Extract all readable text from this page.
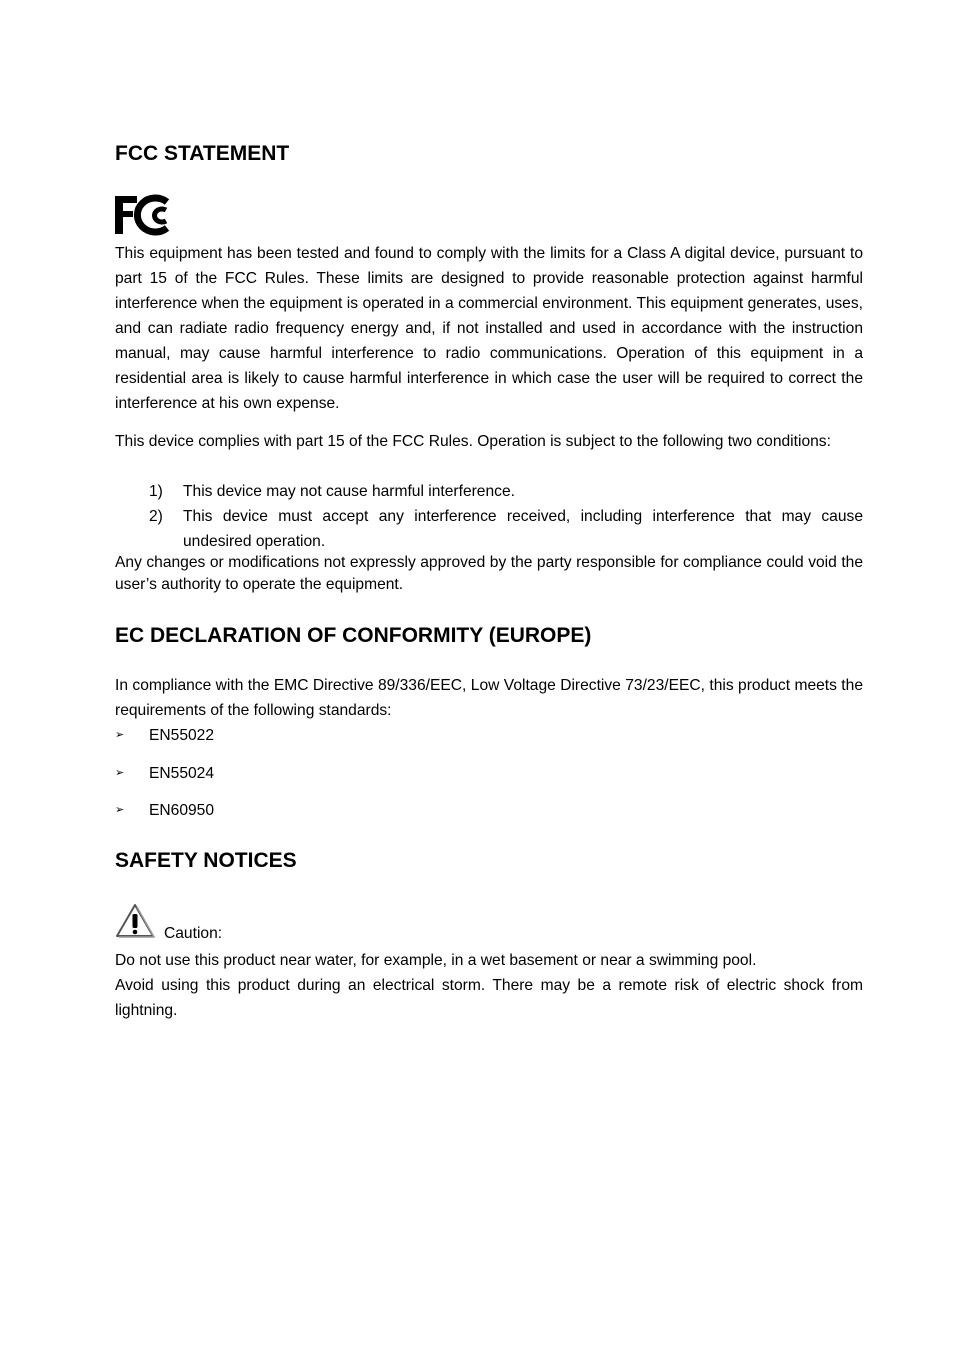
FCC STATEMENT

This equipment has been tested and found to comply with the limits for a Class A digital device, pursuant to part 15 of the FCC Rules. These limits are designed to provide reasonable protection against harmful interference when the equipment is operated in a commercial environment. This equipment generates, uses, and can radiate radio frequency energy and, if not installed and used in accordance with the instruction manual, may cause harmful interference to radio communications. Operation of this equipment in a residential area is likely to cause harmful interference in which case the user will be required to correct the interference at his own expense.

This device complies with part 15 of the FCC Rules. Operation is subject to the following two conditions:

1) This device may not cause harmful interference.
2) This device must accept any interference received, including interference that may cause undesired operation.

Any changes or modifications not expressly approved by the party responsible for compliance could void the user’s authority to operate the equipment.

EC DECLARATION OF CONFORMITY (EUROPE)

In compliance with the EMC Directive 89/336/EEC, Low Voltage Directive 73/23/EEC, this product meets the requirements of the following standards:

➢ EN55022
➢ EN55024
➢ EN60950
SAFETY NOTICES
Caution:

Do not use this product near water, for example, in a wet basement or near a swimming pool.

Avoid using this product during an electrical storm. There may be a remote risk of electric shock from lightning.
